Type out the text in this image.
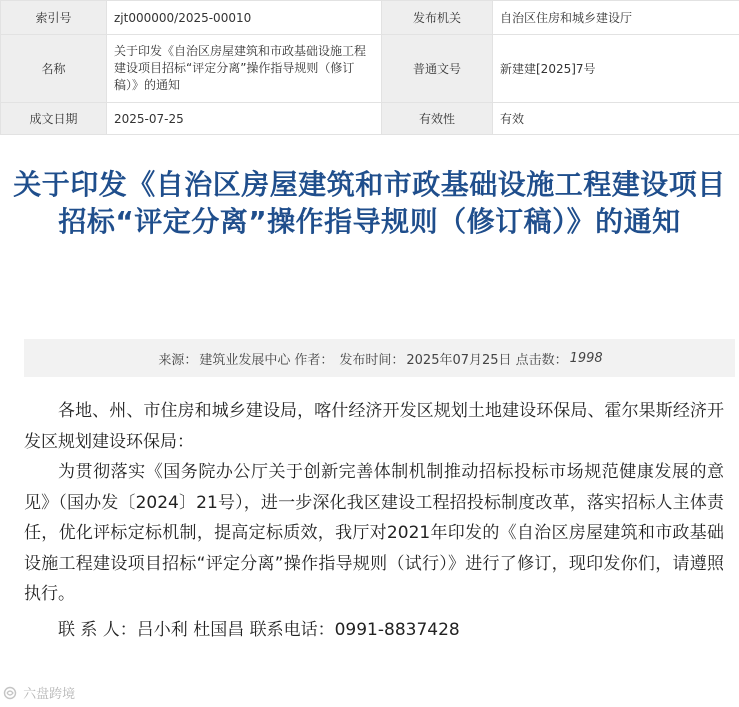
索引号	zjt000000/2025-00010	发布机关	自治区住房和城乡建设厅
名称	关于印发《自治区房屋建筑和市政基础设施工程建设项目招标“评定分离”操作指导规则（修订稿）》的通知	普通文号	新建建[2025]7号
成文日期	2025-07-25	有效性	有效
关于印发《自治区房屋建筑和市政基础设施工程建设项目招标“评定分离”操作指导规则（修订稿）》的通知
来源： 建筑业发展中心 作者： 发布时间： 2025年07月25日 点击数： 1998

各地、州、市住房和城乡建设局，喀什经济开发区规划土地建设环保局、霍尔果斯经济开发区规划建设环保局：

为贯彻落实《国务院办公厅关于创新完善体制机制推动招标投标市场规范健康发展的意见》（国办发〔2024〕21号），进一步深化我区建设工程招投标制度改革，落实招标人主体责任，优化评标定标机制，提高定标质效，我厅对2021年印发的《自治区房屋建筑和市政基础设施工程建设项目招标“评定分离”操作指导规则（试行）》进行了修订，现印发你们，请遵照执行。

联 系 人：吕小利 杜国昌 联系电话：0991-8837428

六盘跨境
